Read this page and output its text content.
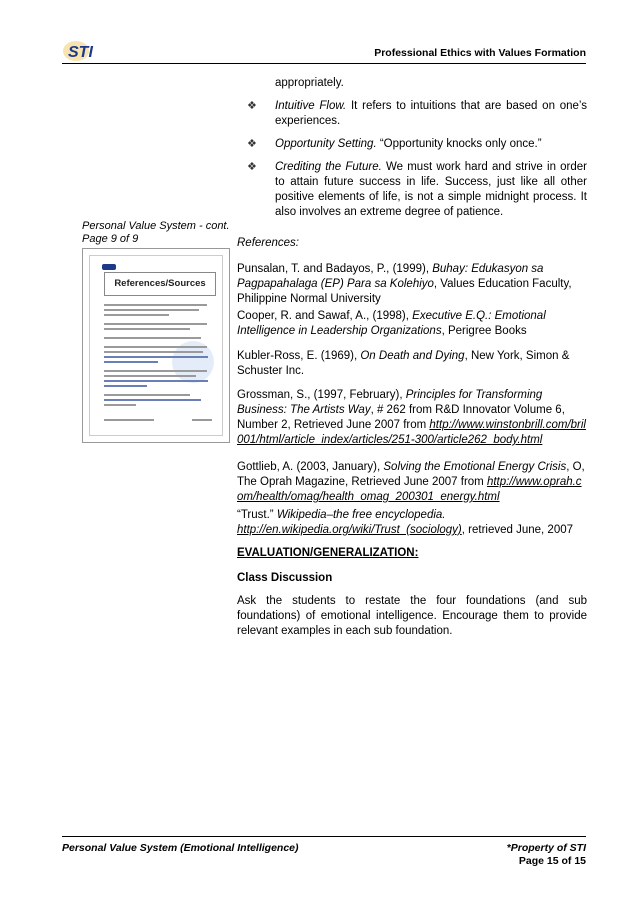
STI	Professional Ethics with Values Formation
appropriately.
❖ Intuitive Flow. It refers to intuitions that are based on one’s experiences.
❖ Opportunity Setting. “Opportunity knocks only once.”
❖ Crediting the Future. We must work hard and strive in order to attain future success in life. Success, just like all other positive elements of life, is not a simple midnight process. It also involves an extreme degree of patience.
Personal Value System - cont.
Page 9 of 9
References/Sources
References:
Punsalan, T. and Badayos, P., (1999), Buhay: Edukasyon sa Pagpapahalaga (EP) Para sa Kolehiyo, Values Education Faculty, Philippine Normal University
Cooper, R. and Sawaf, A., (1998), Executive E.Q.: Emotional Intelligence in Leadership Organizations, Perigree Books
Kubler-Ross, E. (1969), On Death and Dying, New York, Simon & Schuster Inc.
Grossman, S., (1997, February), Principles for Transforming Business: The Artists Way, # 262 from R&D Innovator Volume 6, Number 2, Retrieved June 2007 from http://www.winstonbrill.com/bril001/html/article_index/articles/251-300/article262_body.html
Gottlieb, A. (2003, January), Solving the Emotional Energy Crisis, O, The Oprah Magazine, Retrieved June 2007 from http://www.oprah.com/health/omag/health_omag_200301_energy.html
“Trust.” Wikipedia–the free encyclopedia. http://en.wikipedia.org/wiki/Trust_(sociology), retrieved June, 2007
EVALUATION/GENERALIZATION:
Class Discussion
Ask the students to restate the four foundations (and sub foundations) of emotional intelligence. Encourage them to provide relevant examples in each sub foundation.
Personal Value System (Emotional Intelligence)	*Property of STI
Page 15 of 15
